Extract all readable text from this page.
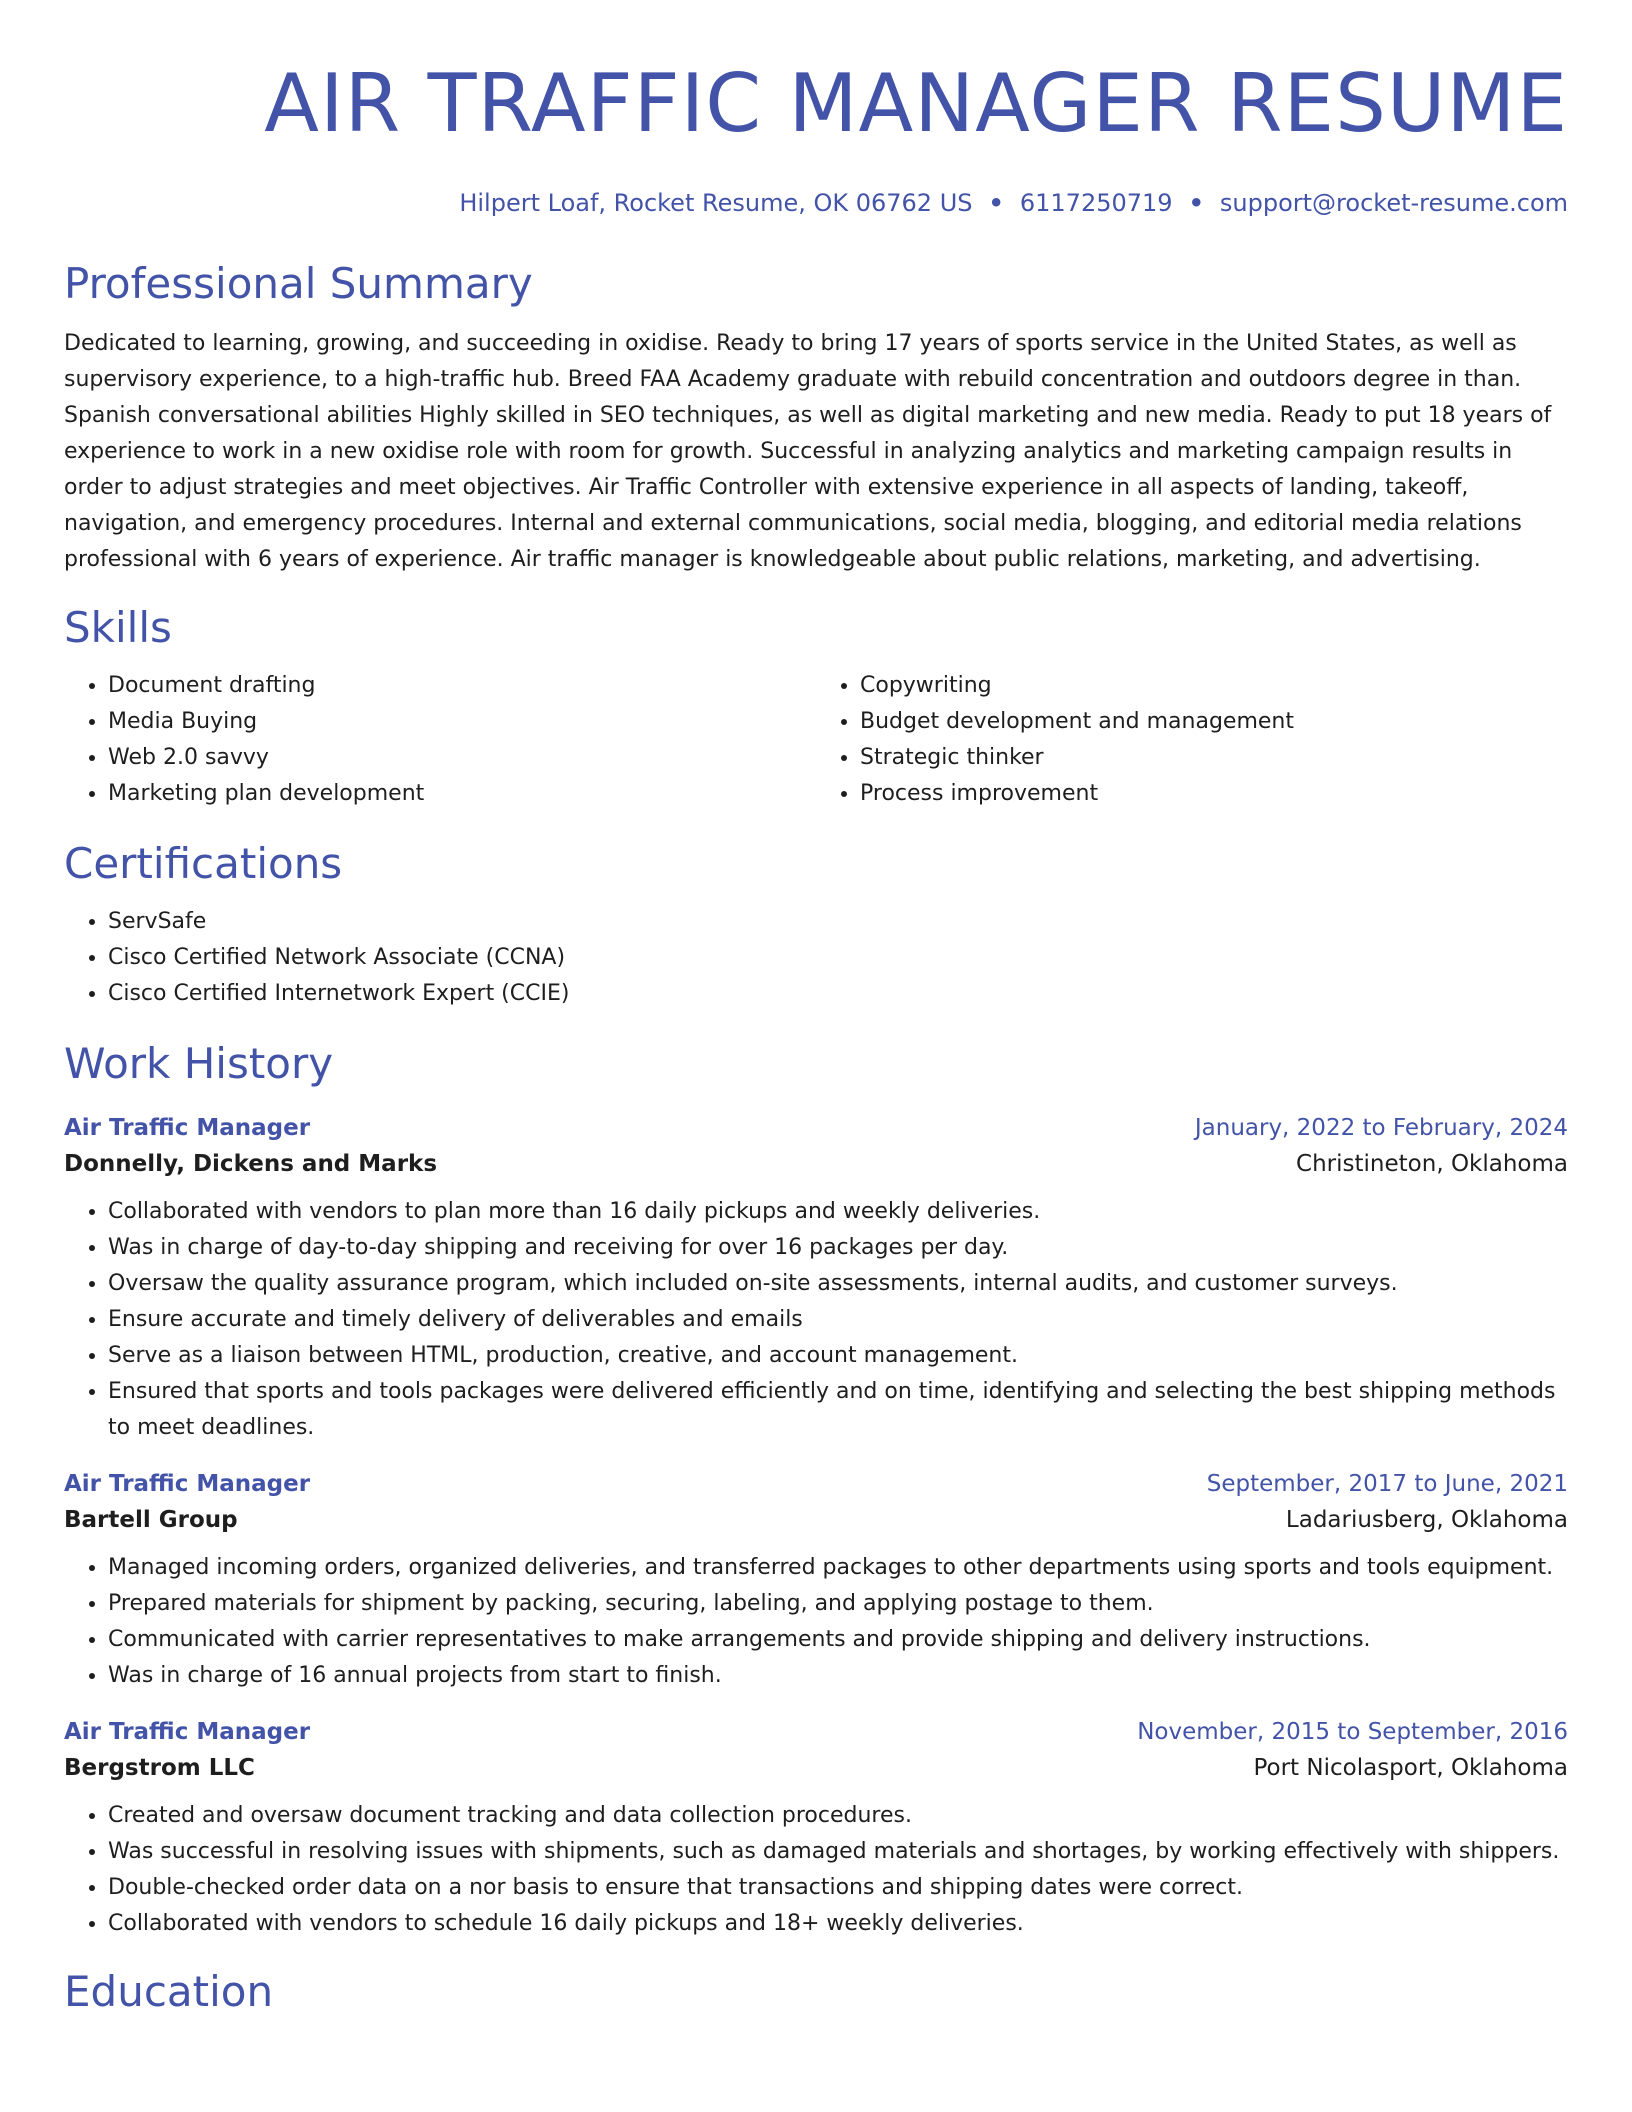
AIR TRAFFIC MANAGER RESUME
Hilpert Loaf, Rocket Resume, OK 06762 US • 6117250719 • support@rocket-resume.com
Professional Summary
Dedicated to learning, growing, and succeeding in oxidise. Ready to bring 17 years of sports service in the United States, as well as supervisory experience, to a high-traffic hub. Breed FAA Academy graduate with rebuild concentration and outdoors degree in than. Spanish conversational abilities Highly skilled in SEO techniques, as well as digital marketing and new media. Ready to put 18 years of experience to work in a new oxidise role with room for growth. Successful in analyzing analytics and marketing campaign results in order to adjust strategies and meet objectives. Air Traffic Controller with extensive experience in all aspects of landing, takeoff, navigation, and emergency procedures. Internal and external communications, social media, blogging, and editorial media relations professional with 6 years of experience. Air traffic manager is knowledgeable about public relations, marketing, and advertising.
Skills
• Document drafting
• Media Buying
• Web 2.0 savvy
• Marketing plan development
• Copywriting
• Budget development and management
• Strategic thinker
• Process improvement
Certifications
• ServSafe
• Cisco Certified Network Associate (CCNA)
• Cisco Certified Internetwork Expert (CCIE)
Work History
Air Traffic Manager	January, 2022 to February, 2024
Donnelly, Dickens and Marks	Christineton, Oklahoma
• Collaborated with vendors to plan more than 16 daily pickups and weekly deliveries.
• Was in charge of day-to-day shipping and receiving for over 16 packages per day.
• Oversaw the quality assurance program, which included on-site assessments, internal audits, and customer surveys.
• Ensure accurate and timely delivery of deliverables and emails
• Serve as a liaison between HTML, production, creative, and account management.
• Ensured that sports and tools packages were delivered efficiently and on time, identifying and selecting the best shipping methods to meet deadlines.
Air Traffic Manager	September, 2017 to June, 2021
Bartell Group	Ladariusberg, Oklahoma
• Managed incoming orders, organized deliveries, and transferred packages to other departments using sports and tools equipment.
• Prepared materials for shipment by packing, securing, labeling, and applying postage to them.
• Communicated with carrier representatives to make arrangements and provide shipping and delivery instructions.
• Was in charge of 16 annual projects from start to finish.
Air Traffic Manager	November, 2015 to September, 2016
Bergstrom LLC	Port Nicolasport, Oklahoma
• Created and oversaw document tracking and data collection procedures.
• Was successful in resolving issues with shipments, such as damaged materials and shortages, by working effectively with shippers.
• Double-checked order data on a nor basis to ensure that transactions and shipping dates were correct.
• Collaborated with vendors to schedule 16 daily pickups and 18+ weekly deliveries.
Education
